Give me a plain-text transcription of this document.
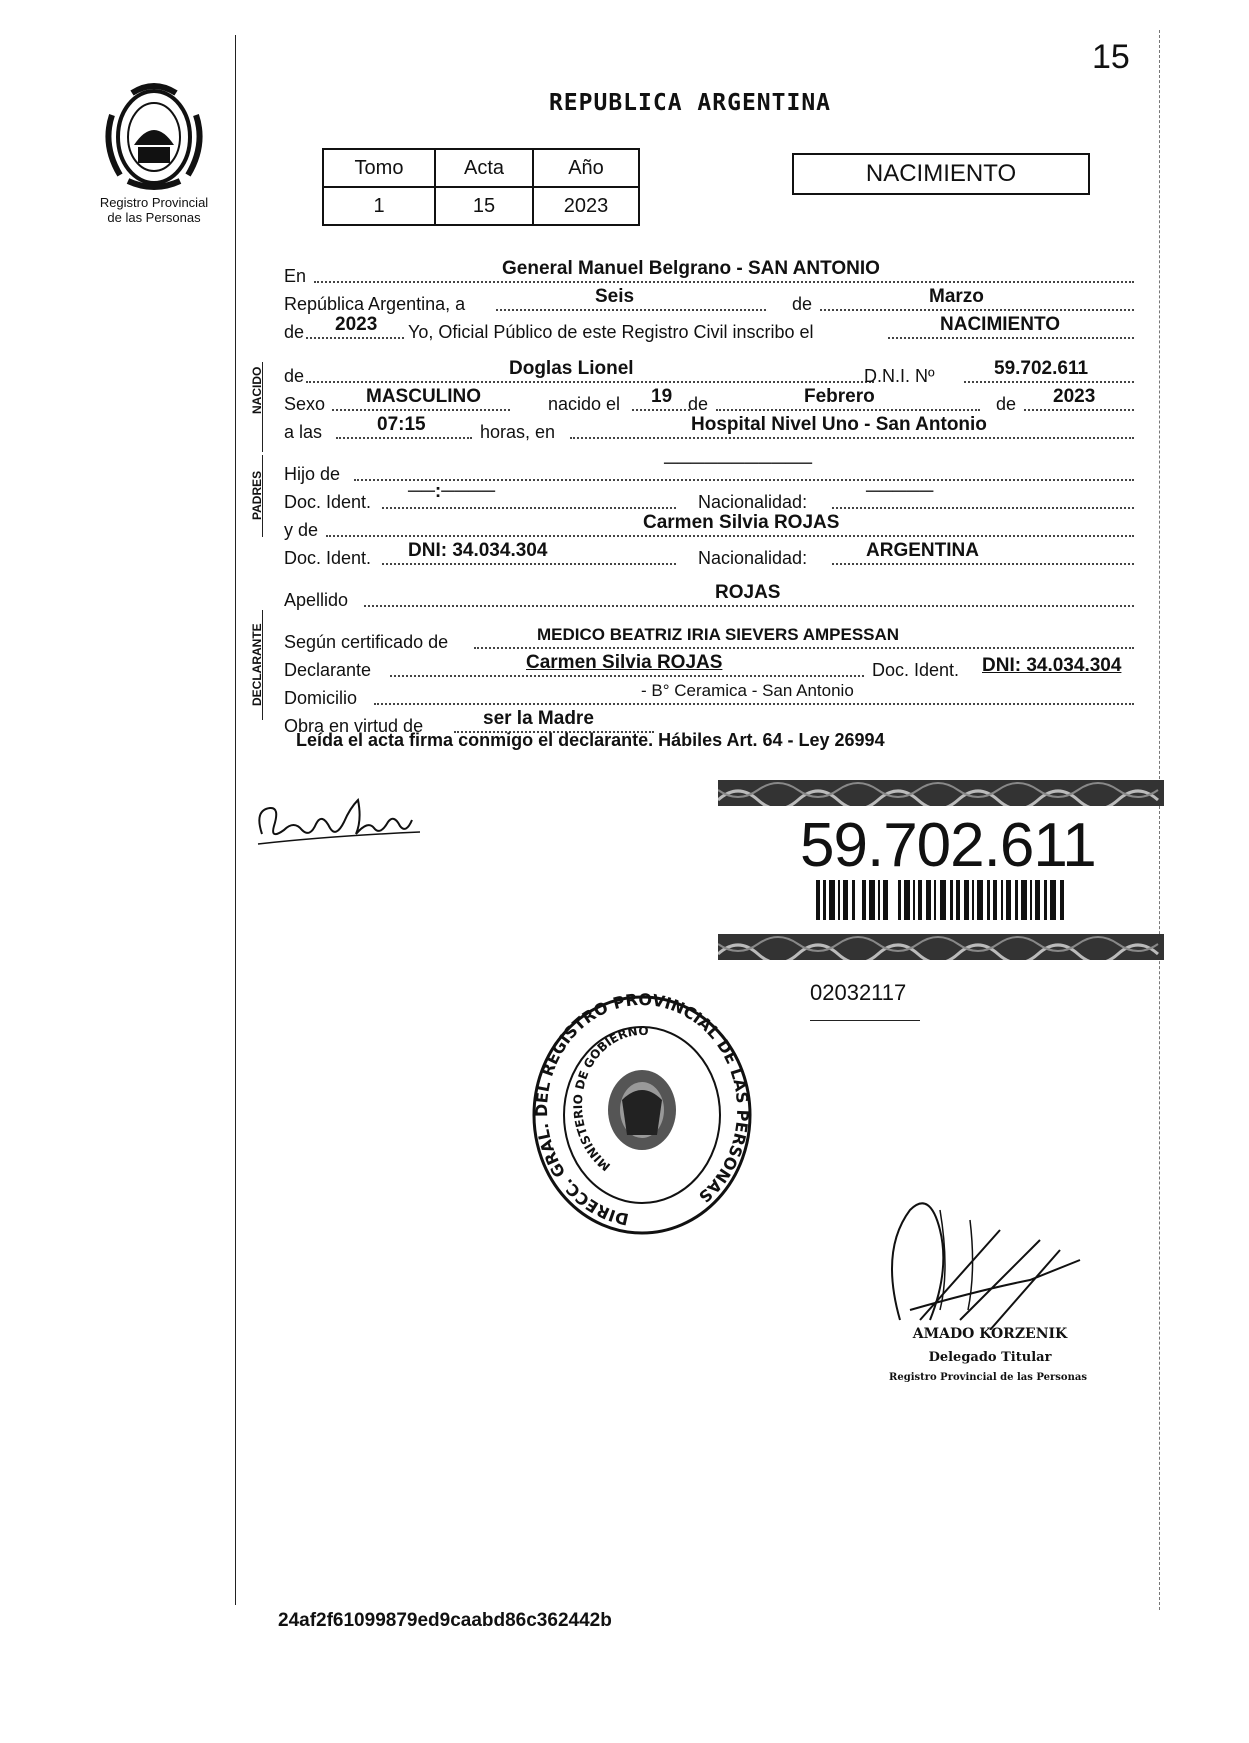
15
Registro Provincial
de las Personas
REPUBLICA ARGENTINA
Tomo	Acta	Año
1	15	2023
NACIMIENTO
NACIDO
PADRES
DECLARANTE
En	General Manuel Belgrano - SAN ANTONIO
República Argentina, a	Seis	de	Marzo
de 2023 Yo, Oficial Público de este Registro Civil inscribo el	NACIMIENTO
de	Doglas Lionel	D.N.I. Nº	59.702.611
Sexo MASCULINO	nacido el 19 de	Febrero	de 2023
a las	07:15	horas, en	Hospital Nivel Uno - San Antonio
Hijo de	───────────
Doc. Ident. ──:────	Nacionalidad:	─────
y de	Carmen Silvia ROJAS
Doc. Ident. DNI: 34.034.304	Nacionalidad:	ARGENTINA
Apellido	ROJAS
Según certificado de	MEDICO BEATRIZ IRIA SIEVERS AMPESSAN
Declarante	Carmen Silvia ROJAS	Doc. Ident. DNI: 34.034.304
Domicilio	- B° Ceramica - San Antonio
Obra en virtud de	ser la Madre
Leída el acta firma conmigo el declarante. Hábiles Art. 64 - Ley 26994
59.702.611
02032117
DIRECC. GRAL. DEL REGISTRO PROVINCIAL DE LAS PERSONAS
MINISTERIO DE GOBIERNO
AMADO KORZENIK
Delegado Titular
Registro Provincial de las Personas
24af2f61099879ed9caabd86c362442b
